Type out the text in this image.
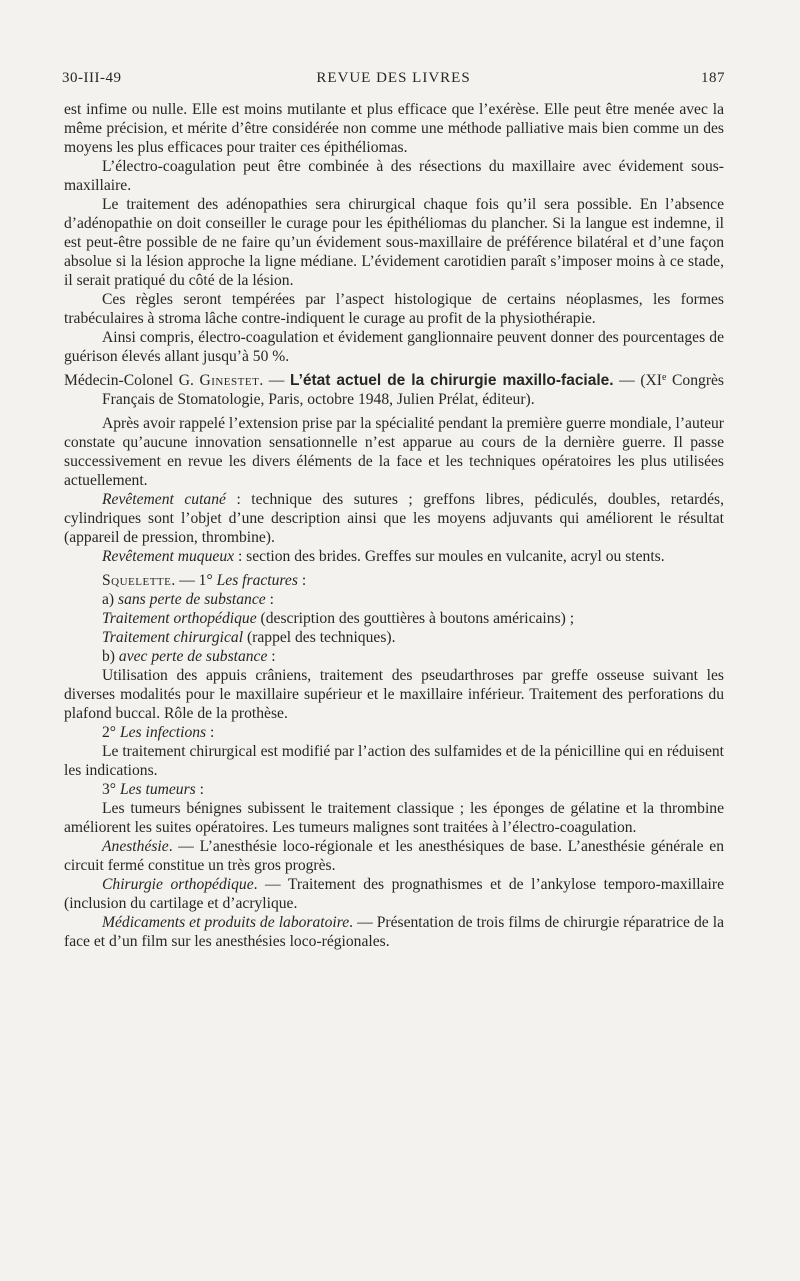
30-III-49	REVUE DES LIVRES	187

est infime ou nulle. Elle est moins mutilante et plus efficace que l’exérèse. Elle peut être menée avec la même précision, et mérite d’être considérée non comme une méthode palliative mais bien comme un des moyens les plus efficaces pour traiter ces épithéliomas.

L’électro-coagulation peut être combinée à des résections du maxillaire avec évidement sous-maxillaire.

Le traitement des adénopathies sera chirurgical chaque fois qu’il sera possible. En l’absence d’adénopathie on doit conseiller le curage pour les épithéliomas du plancher. Si la langue est indemne, il est peut-être possible de ne faire qu’un évidement sous-maxillaire de préférence bilatéral et d’une façon absolue si la lésion approche la ligne médiane. L’évidement carotidien paraît s’imposer moins à ce stade, il serait pratiqué du côté de la lésion.

Ces règles seront tempérées par l’aspect histologique de certains néoplasmes, les formes trabéculaires à stroma lâche contre-indiquent le curage au profit de la physiothérapie.

Ainsi compris, électro-coagulation et évidement ganglionnaire peuvent donner des pourcentages de guérison élevés allant jusqu’à 50 %.

Médecin-Colonel G. Ginestet. — L’état actuel de la chirurgie maxillo-faciale. — (XIe Congrès Français de Stomatologie, Paris, octobre 1948, Julien Prélat, éditeur).

Après avoir rappelé l’extension prise par la spécialité pendant la première guerre mondiale, l’auteur constate qu’aucune innovation sensationnelle n’est apparue au cours de la dernière guerre. Il passe successivement en revue les divers éléments de la face et les techniques opératoires les plus utilisées actuellement.

Revêtement cutané : technique des sutures ; greffons libres, pédiculés, doubles, retardés, cylindriques sont l’objet d’une description ainsi que les moyens adjuvants qui améliorent le résultat (appareil de pression, thrombine).

Revêtement muqueux : section des brides. Greffes sur moules en vulcanite, acryl ou stents.

Squelette. — 1° Les fractures :

a) sans perte de substance :

Traitement orthopédique (description des gouttières à boutons américains) ;

Traitement chirurgical (rappel des techniques).

b) avec perte de substance :

Utilisation des appuis crâniens, traitement des pseudarthroses par greffe osseuse suivant les diverses modalités pour le maxillaire supérieur et le maxillaire inférieur. Traitement des perforations du plafond buccal. Rôle de la prothèse.

2° Les infections :

Le traitement chirurgical est modifié par l’action des sulfamides et de la pénicilline qui en réduisent les indications.

3° Les tumeurs :

Les tumeurs bénignes subissent le traitement classique ; les éponges de gélatine et la thrombine améliorent les suites opératoires. Les tumeurs malignes sont traitées à l’électro-coagulation.

Anesthésie. — L’anesthésie loco-régionale et les anesthésiques de base. L’anesthésie générale en circuit fermé constitue un très gros progrès.

Chirurgie orthopédique. — Traitement des prognathismes et de l’ankylose temporo-maxillaire (inclusion du cartilage et d’acrylique.

Médicaments et produits de laboratoire. — Présentation de trois films de chirurgie réparatrice de la face et d’un film sur les anesthésies loco-régionales.
